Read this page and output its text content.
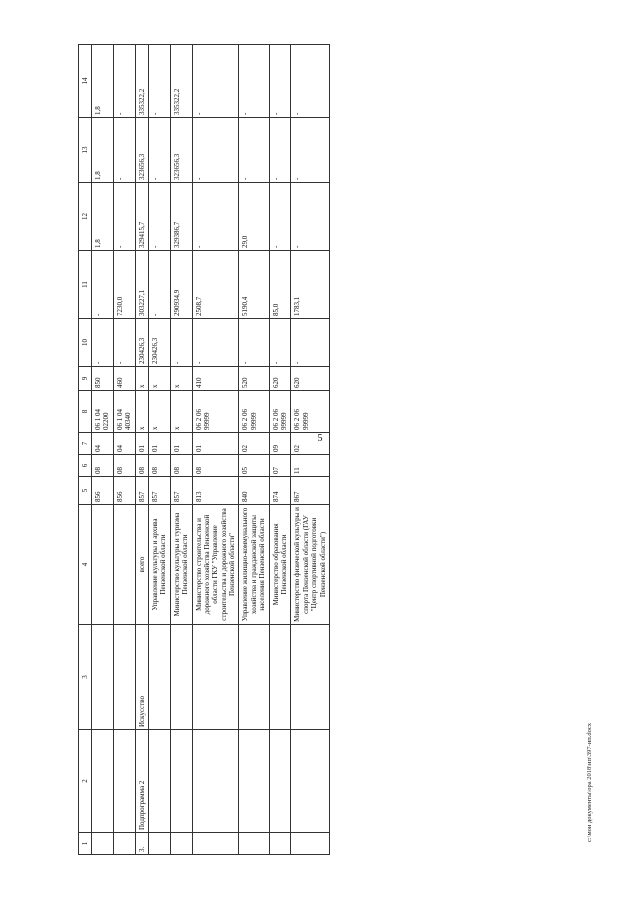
5
1	2	3	4	5	6	7	8	9	10	11	12	13	14
				856	08	04	06 1 04 02200	850	-	-	1,8	1,8	1,8
				856	08	04	06 1 04 40340	460	-	7230,0	-	-	-
3.	Подпрограмма 2	Искусство	всего	857	08	01	x	x	230426,3	303227,1	329415,7	323656,3	335322,2
			Управление культуры и архива Пензенской области	857	08	01	x	x	230426,3	-	-	-	-
			Министерство культуры и туризма Пензенской области	857	08	01	x	x	-	290934,9	329386,7	323656,3	335322,2
			Министерство строительства и дорожного хозяйства Пензенской области ГКУ "Управление строительства и дорожного хозяйства Пензенской области"	813	08	01	06 2 06 99999	410	-	2508,7	-	-	-
			Управление жилищно-коммунального хозяйства и гражданской защиты населения Пензенской области	840	05	02	06 2 06 99999	520	-	5190,4	29,0	-	-
			Министерство образования Пензенской области	874	07	09	06 2 06 99999	620	-	85,0	-	-	-
			Министерство физической культуры и спорта Пензенской области (ГАУ "Центр спортивной подготовки Пензенской области")	867	11	02	06 2 06 99999	620	-	1783,1	-	-	-
c:\мои документы\ора 2018\ип\397-ип.docx
